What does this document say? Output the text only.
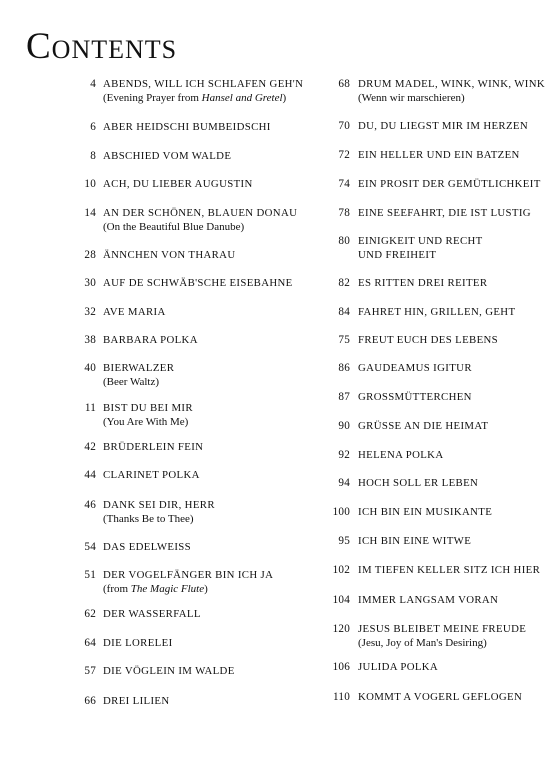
Contents
4 ABENDS, WILL ICH SCHLAFEN GEH'N
(Evening Prayer from Hansel and Gretel)
6 ABER HEIDSCHI BUMBEIDSCHI
8 ABSCHIED VOM WALDE
10 ACH, DU LIEBER AUGUSTIN
14 AN DER SCHÖNEN, BLAUEN DONAU
(On the Beautiful Blue Danube)
28 ÄNNCHEN VON THARAU
30 AUF DE SCHWÄB'SCHE EISEBAHNE
32 AVE MARIA
38 BARBARA POLKA
40 BIERWALZER
(Beer Waltz)
11 BIST DU BEI MIR
(You Are With Me)
42 BRÜDERLEIN FEIN
44 CLARINET POLKA
46 DANK SEI DIR, HERR
(Thanks Be to Thee)
54 DAS EDELWEISS
51 DER VOGELFÄNGER BIN ICH JA
(from The Magic Flute)
62 DER WASSERFALL
64 DIE LORELEI
57 DIE VÖGLEIN IM WALDE
66 DREI LILIEN
68 DRUM MADEL, WINK, WINK, WINK
(Wenn wir marschieren)
70 DU, DU LIEGST MIR IM HERZEN
72 EIN HELLER UND EIN BATZEN
74 EIN PROSIT DER GEMÜTLICHKEIT
78 EINE SEEFAHRT, DIE IST LUSTIG
80 EINIGKEIT UND RECHT
UND FREIHEIT
82 ES RITTEN DREI REITER
84 FAHRET HIN, GRILLEN, GEHT
75 FREUT EUCH DES LEBENS
86 GAUDEAMUS IGITUR
87 GROSSMÜTTERCHEN
90 GRÜSSE AN DIE HEIMAT
92 HELENA POLKA
94 HOCH SOLL ER LEBEN
100 ICH BIN EIN MUSIKANTE
95 ICH BIN EINE WITWE
102 IM TIEFEN KELLER SITZ ICH HIER
104 IMMER LANGSAM VORAN
120 JESUS BLEIBET MEINE FREUDE
(Jesu, Joy of Man's Desiring)
106 JULIDA POLKA
110 KOMMT A VOGERL GEFLOGEN
